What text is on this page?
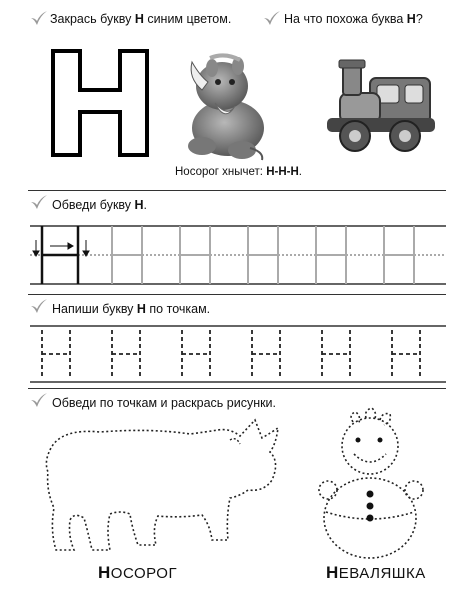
Закрась букву Н синим цветом.	На что похожа буква Н?
Носорог хнычет: Н-Н-Н.
Обведи букву Н.
Напиши букву Н по точкам.
Обведи по точкам и раскрась рисунки.
НОСОРОГ	НЕВАЛЯШКА
